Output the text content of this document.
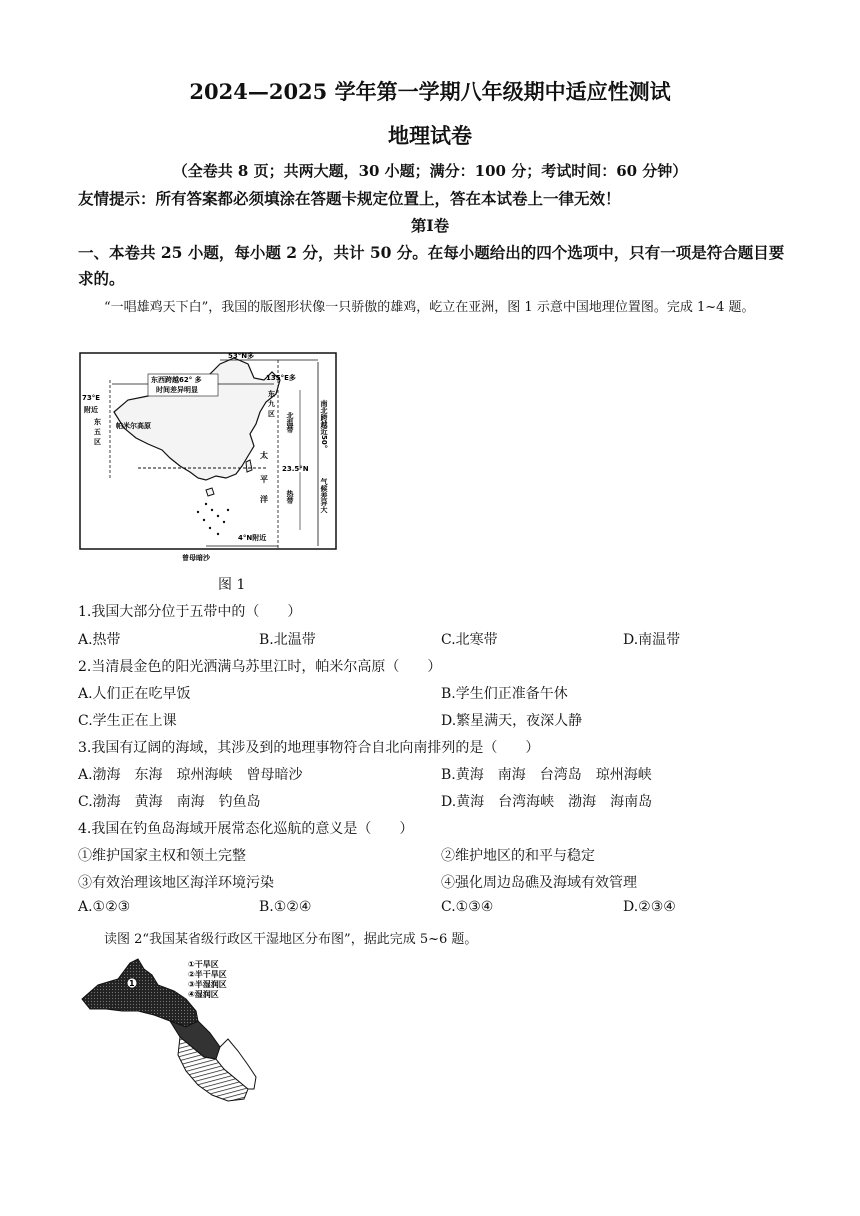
2024—2025 学年第一学期八年级期中适应性测试
地理试卷
（全卷共 8 页；共两大题，30 小题；满分：100 分；考试时间：60 分钟）
友情提示：所有答案都必须填涂在答题卡规定位置上，答在本试卷上一律无效！
第Ⅰ卷
一、本卷共 25 小题，每小题 2 分，共计 50 分。在每小题给出的四个选项中，只有一项是符合题目要求的。
“一唱雄鸡天下白”，我国的版图形状像一只骄傲的雄鸡，屹立在亚洲，图 1 示意中国地理位置图。完成 1~4 题。
53°N多
东西跨越62° 多
时间差异明显
73°E
附近
东
五
区
帕米尔高原
135°E多
东
九
区 北温带	南北跨越近50°
气候差异大
太
平
洋
23.5°N
热带
4°N附近
曾母暗沙
图 1
1.我国大部分位于五带中的（　　）
A.热带	B.北温带	C.北寒带	D.南温带
2.当清晨金色的阳光洒满乌苏里江时，帕米尔高原（　　）
A.人们正在吃早饭	B.学生们正准备午休
C.学生正在上课	D.繁星满天，夜深人静
3.我国有辽阔的海域，其涉及到的地理事物符合自北向南排列的是（　　）
A.渤海　东海　琼州海峡　曾母暗沙	B.黄海　南海　台湾岛　琼州海峡
C.渤海　黄海　南海　钓鱼岛	D.黄海　台湾海峡　渤海　海南岛
4.我国在钓鱼岛海域开展常态化巡航的意义是（　　）
①维护国家主权和领土完整	②维护地区的和平与稳定
③有效治理该地区海洋环境污染	④强化周边岛礁及海域有效管理
A.①②③	B.①②④	C.①③④	D.②③④
读图 2“我国某省级行政区干湿地区分布图”，据此完成 5~6 题。
1
①干旱区
②半干旱区
③半湿润区
④湿润区
